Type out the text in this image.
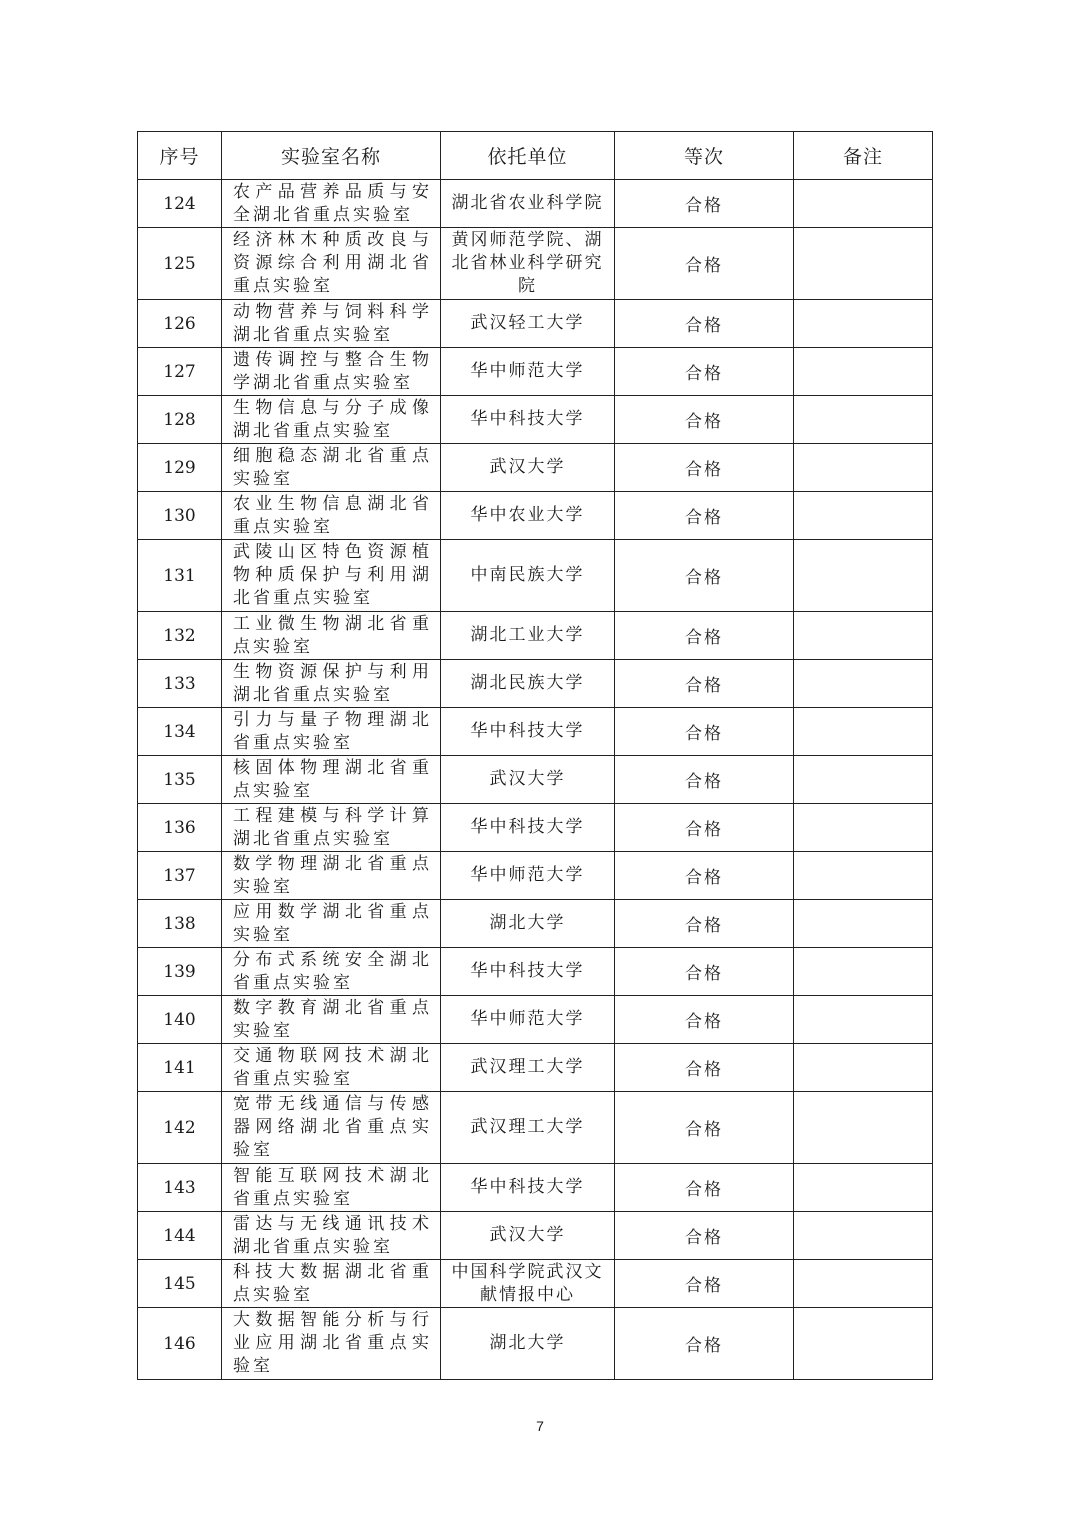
序号	实验室名称	依托单位	等次	备注
124	农产品营养品质与安全湖北省重点实验室	湖北省农业科学院	合格	
125	经济林木种质改良与资源综合利用湖北省重点实验室	黄冈师范学院、湖北省林业科学研究院	合格	
126	动物营养与饲料科学湖北省重点实验室	武汉轻工大学	合格	
127	遗传调控与整合生物学湖北省重点实验室	华中师范大学	合格	
128	生物信息与分子成像湖北省重点实验室	华中科技大学	合格	
129	细胞稳态湖北省重点实验室	武汉大学	合格	
130	农业生物信息湖北省重点实验室	华中农业大学	合格	
131	武陵山区特色资源植物种质保护与利用湖北省重点实验室	中南民族大学	合格	
132	工业微生物湖北省重点实验室	湖北工业大学	合格	
133	生物资源保护与利用湖北省重点实验室	湖北民族大学	合格	
134	引力与量子物理湖北省重点实验室	华中科技大学	合格	
135	核固体物理湖北省重点实验室	武汉大学	合格	
136	工程建模与科学计算湖北省重点实验室	华中科技大学	合格	
137	数学物理湖北省重点实验室	华中师范大学	合格	
138	应用数学湖北省重点实验室	湖北大学	合格	
139	分布式系统安全湖北省重点实验室	华中科技大学	合格	
140	数字教育湖北省重点实验室	华中师范大学	合格	
141	交通物联网技术湖北省重点实验室	武汉理工大学	合格	
142	宽带无线通信与传感器网络湖北省重点实验室	武汉理工大学	合格	
143	智能互联网技术湖北省重点实验室	华中科技大学	合格	
144	雷达与无线通讯技术湖北省重点实验室	武汉大学	合格	
145	科技大数据湖北省重点实验室	中国科学院武汉文献情报中心	合格	
146	大数据智能分析与行业应用湖北省重点实验室	湖北大学	合格	
7
